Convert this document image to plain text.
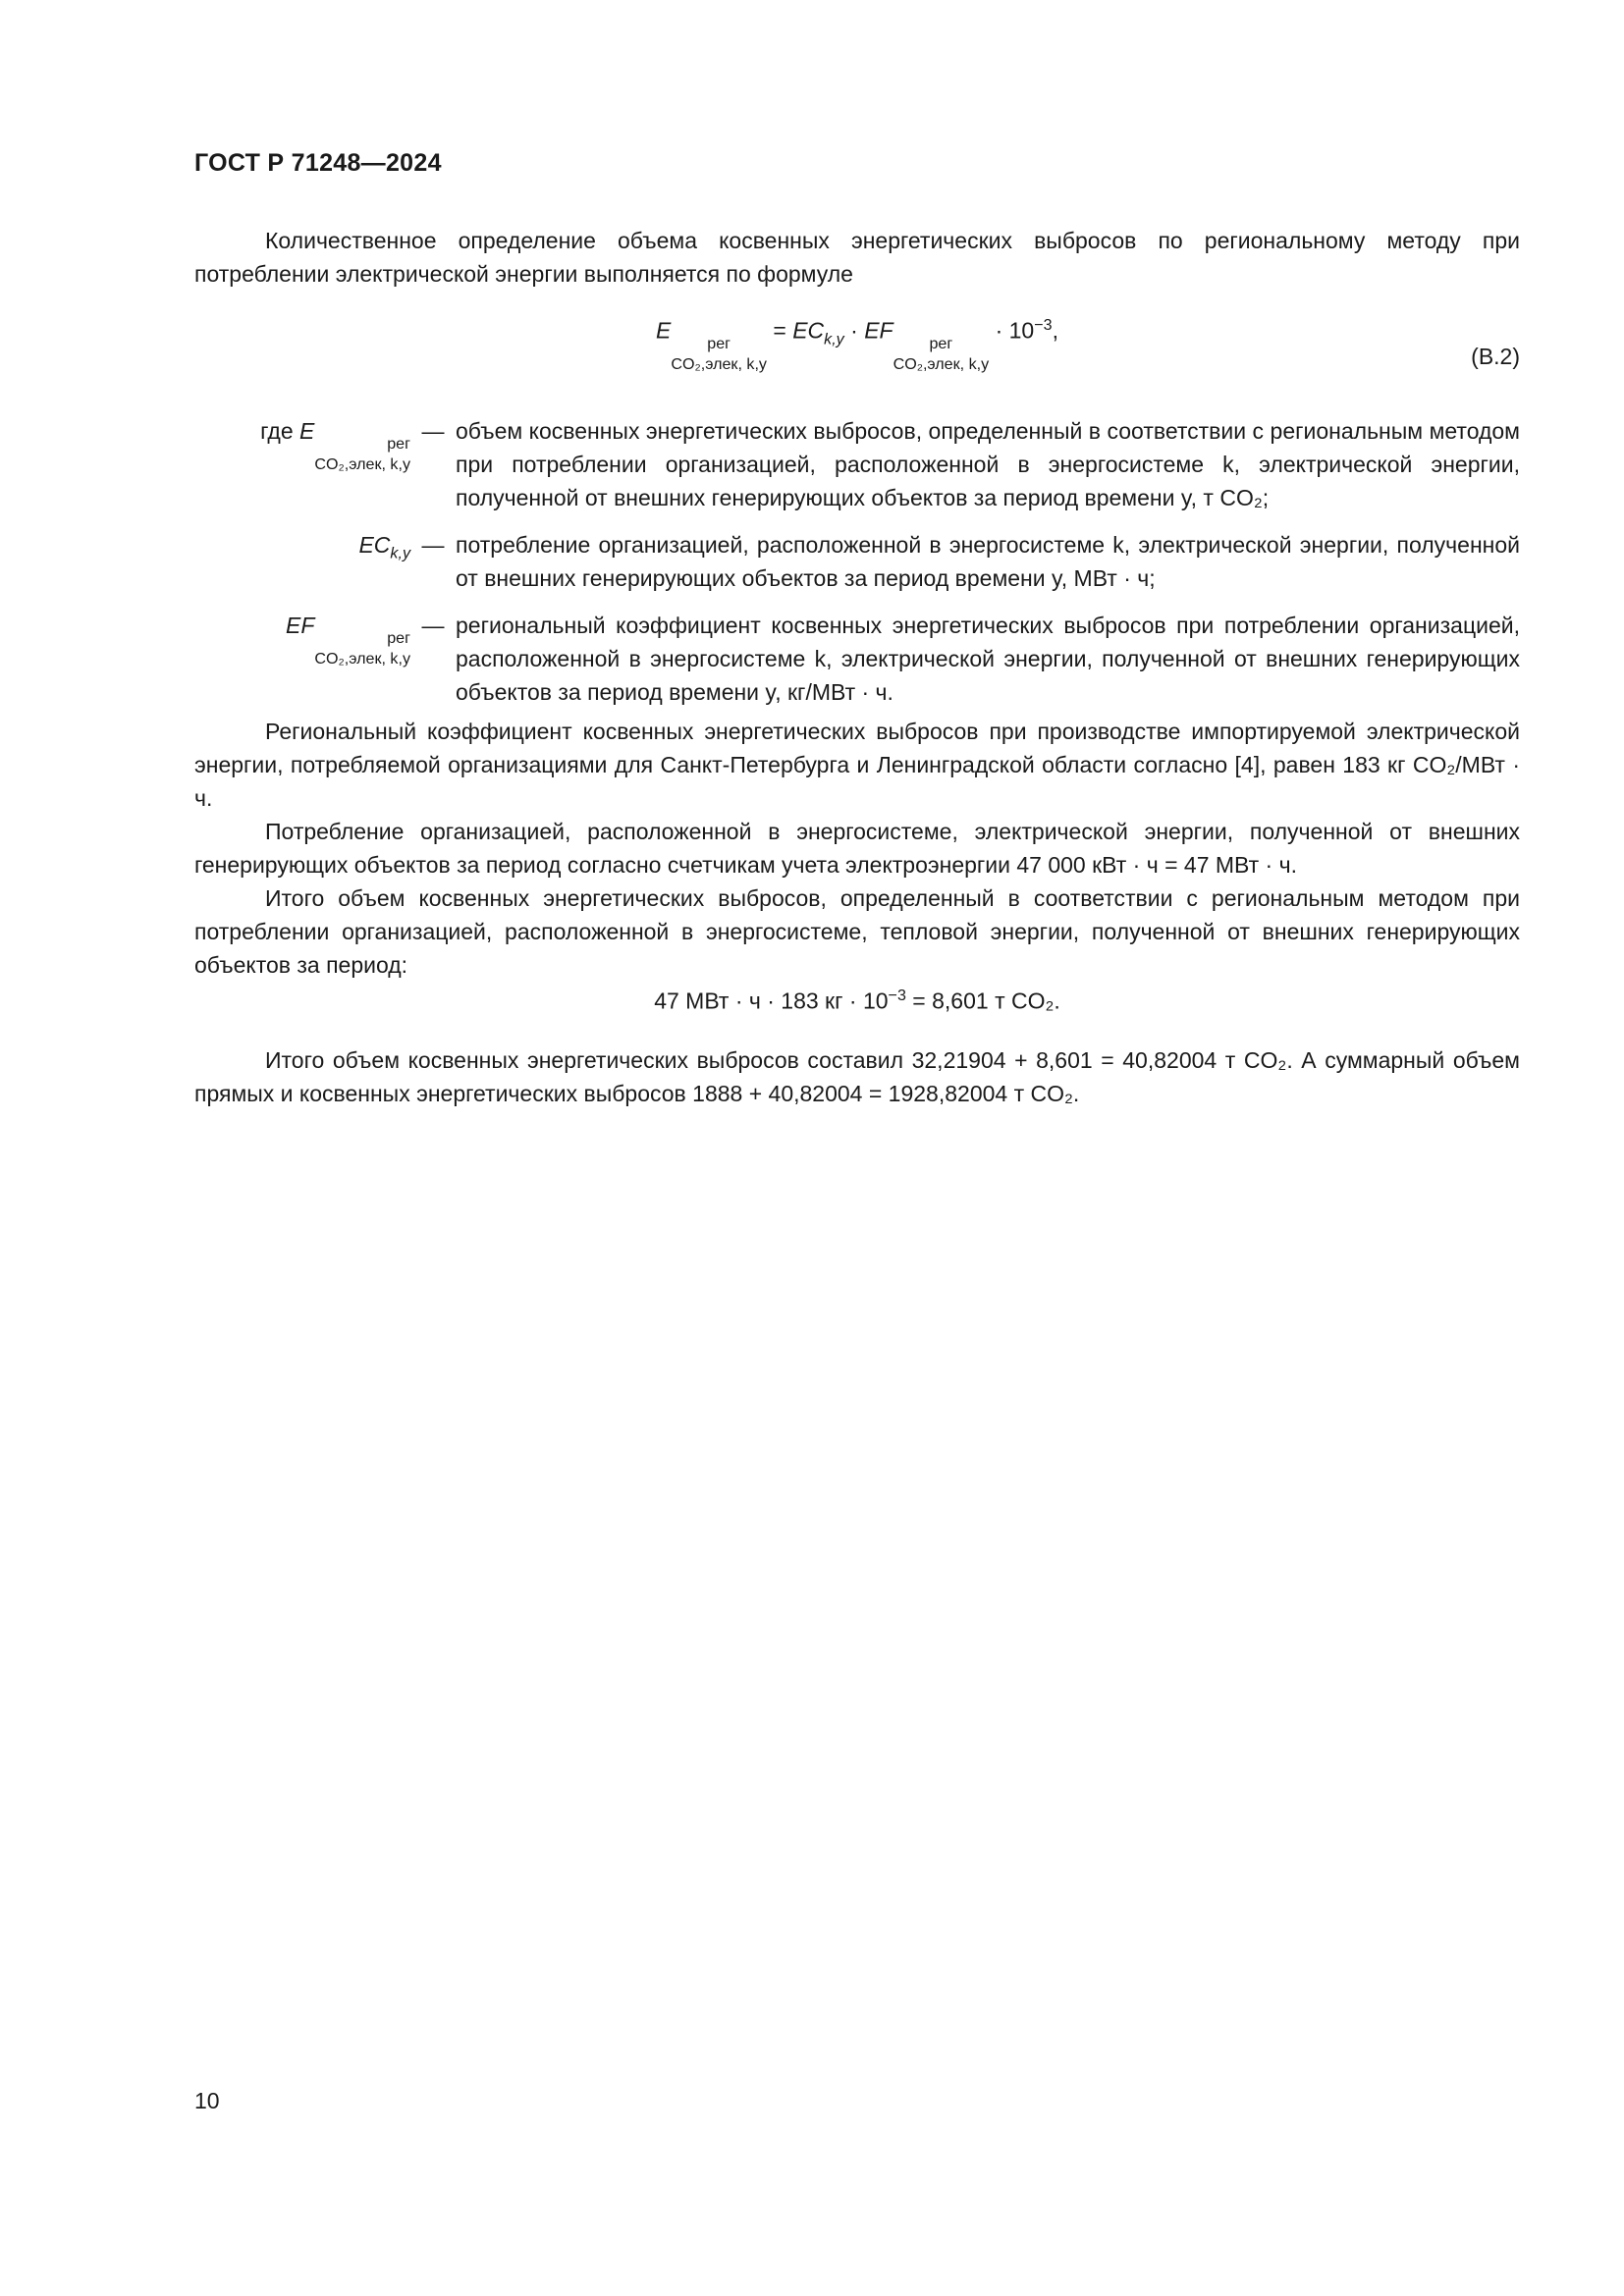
ГОСТ Р 71248—2024

Количественное определение объема косвенных энергетических выбросов по региональному методу при потреблении электрической энергии выполняется по формуле

E	рег
CO₂,элек, k,y
= $EC_{k,y}$ · EF	рег
CO₂,элек, k,y
· $10^{-3}$,
(В.2)
где E	рег
CO₂,элек, k,y
— объем косвенных энергетических выбросов, определенный в соответствии с региональным методом при потреблении организацией, расположенной в энергосистеме k, электрической энергии, полученной от внешних генерирующих объектов за период времени y, т CO₂;
$EC_{k,y}$ — потребление организацией, расположенной в энергосистеме k, электрической энергии, полученной от внешних генерирующих объектов за период времени y, МВт · ч;
EF	рег
CO₂,элек, k,y
— региональный коэффициент косвенных энергетических выбросов при потреблении организацией, расположенной в энергосистеме k, электрической энергии, полученной от внешних генерирующих объектов за период времени y, кг/МВт · ч.

Региональный коэффициент косвенных энергетических выбросов при производстве импортируемой электрической энергии, потребляемой организациями для Санкт-Петербурга и Ленинградской области согласно [4], равен 183 кг CO₂/МВт · ч.

Потребление организацией, расположенной в энергосистеме, электрической энергии, полученной от внешних генерирующих объектов за период согласно счетчикам учета электроэнергии 47 000 кВт · ч = 47 МВт · ч.

Итого объем косвенных энергетических выбросов, определенный в соответствии с региональным методом при потреблении организацией, расположенной в энергосистеме, тепловой энергии, полученной от внешних генерирующих объектов за период:

47 МВт · ч · 183 кг · $10^{-3} = 8,601$ т CO₂.

Итого объем косвенных энергетических выбросов составил 32,21904 + 8,601 = 40,82004 т CO₂. А суммарный объем прямых и косвенных энергетических выбросов 1888 + 40,82004 = 1928,82004 т CO₂.

10
